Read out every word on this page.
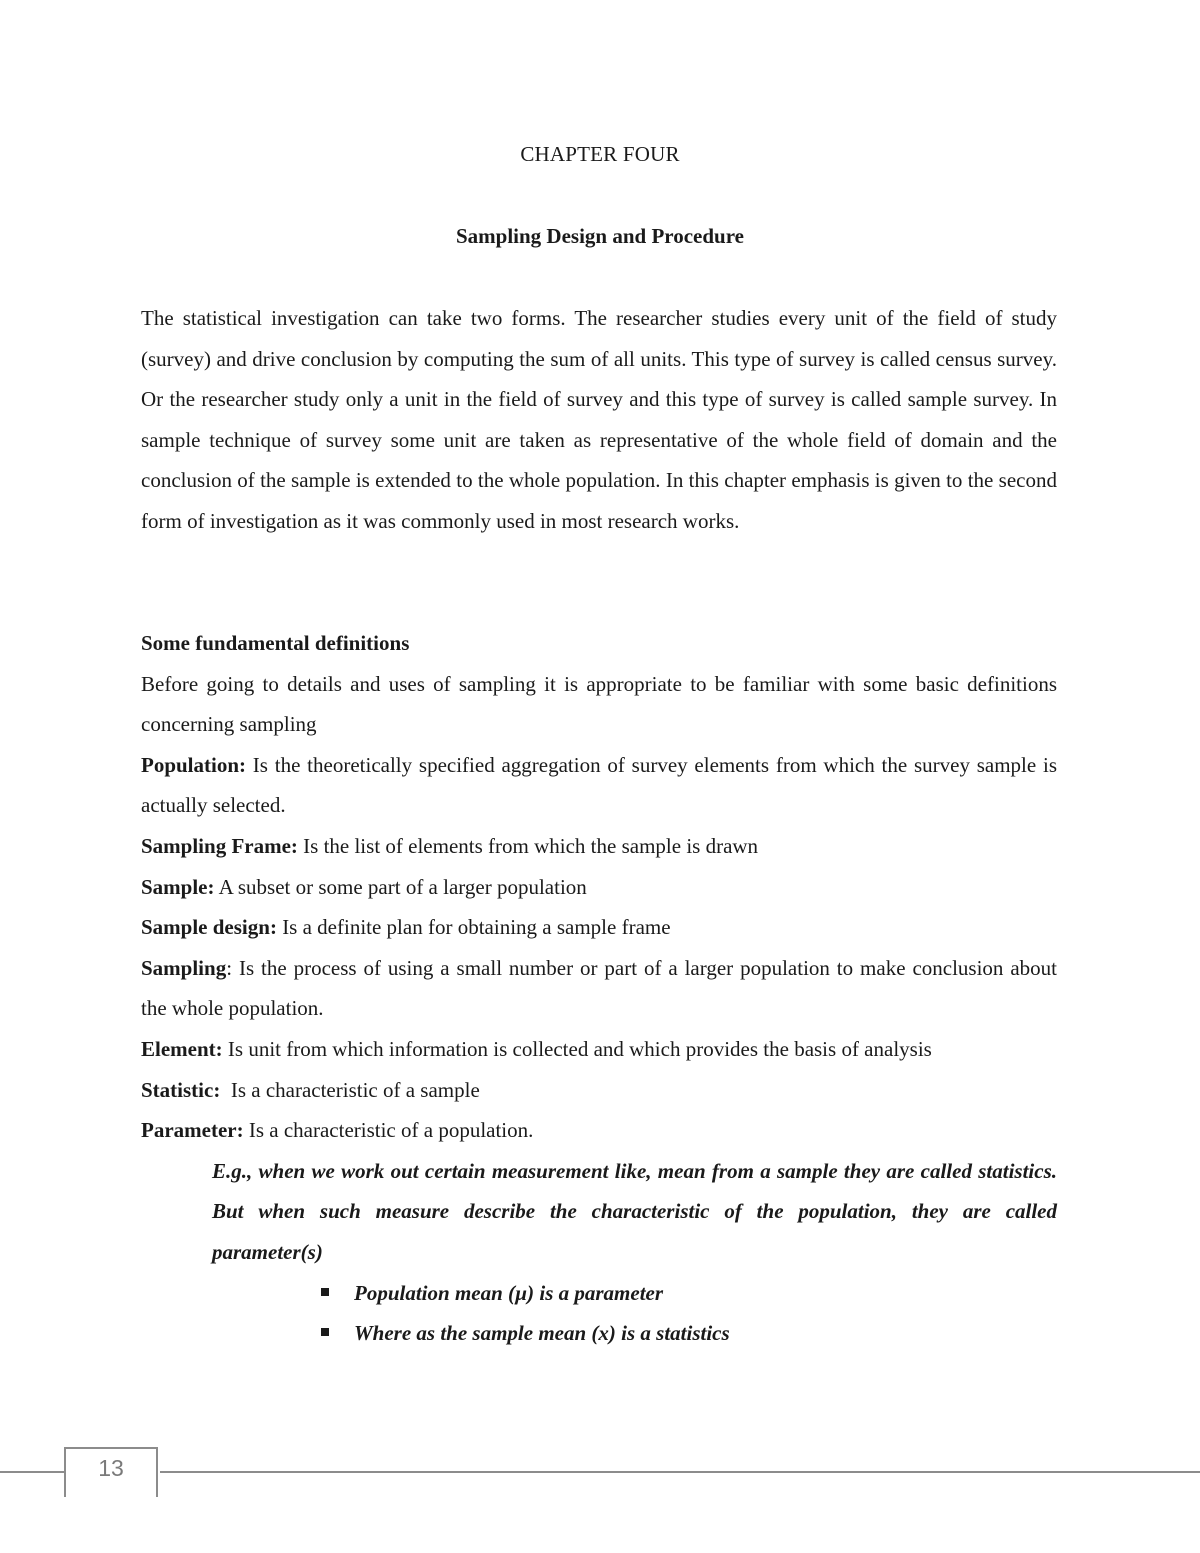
CHAPTER FOUR
Sampling Design and Procedure
The statistical investigation can take two forms. The researcher studies every unit of the field of study (survey) and drive conclusion by computing the sum of all units. This type of survey is called census survey. Or the researcher study only a unit in the field of survey and this type of survey is called sample survey. In sample technique of survey some unit are taken as representative of the whole field of domain and the conclusion of the sample is extended to the whole population. In this chapter emphasis is given to the second form of investigation as it was commonly used in most research works.

Some fundamental definitions

Before going to details and uses of sampling it is appropriate to be familiar with some basic definitions concerning sampling

Population: Is the theoretically specified aggregation of survey elements from which the survey sample is actually selected.

Sampling Frame: Is the list of elements from which the sample is drawn

Sample: A subset or some part of a larger population

Sample design: Is a definite plan for obtaining a sample frame

Sampling: Is the process of using a small number or part of a larger population to make conclusion about the whole population.

Element: Is unit from which information is collected and which provides the basis of analysis

Statistic:  Is a characteristic of a sample

Parameter: Is a characteristic of a population.

E.g., when we work out certain measurement like, mean from a sample they are called statistics. But when such measure describe the characteristic of the population, they are called parameter(s)

Population mean (µ) is a parameter
Where as the sample mean (x) is a statistics
13
